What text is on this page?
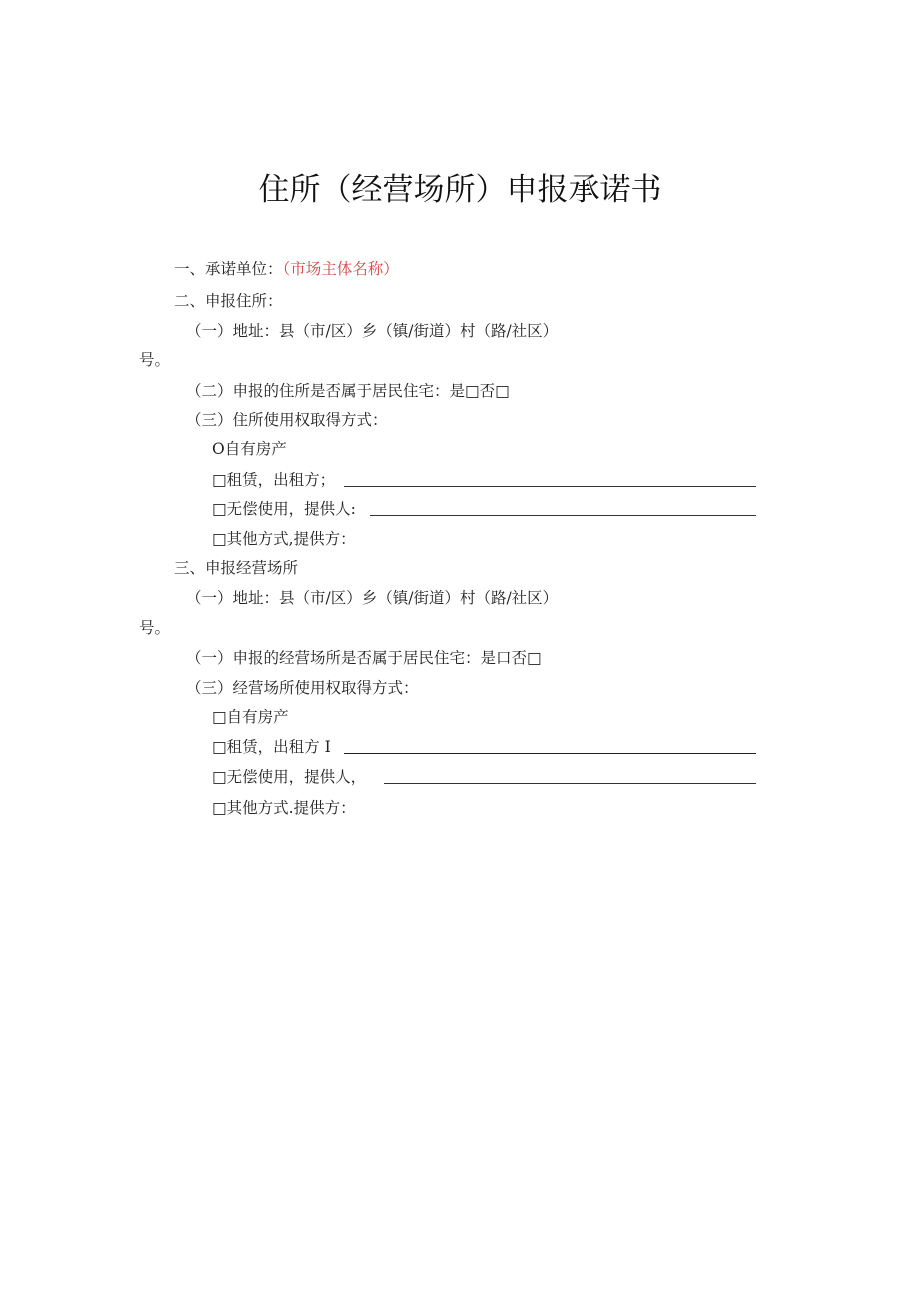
住所（经营场所）申报承诺书
一、承诺单位：（市场主体名称）
二、申报住所：
（一）地址：县（市/区）乡（镇/街道）村（路/社区）
号。
（二）申报的住所是否属于居民住宅：是□否□
（三）住所使用权取得方式：
O自有房产
□租赁，出租方；
□无偿使用，提供人:
□其他方式,提供方：
三、申报经营场所
（一）地址：县（市/区）乡（镇/街道）村（路/社区）
号。
（一）申报的经营场所是否属于居民住宅：是口否□
（三）经营场所使用权取得方式：
□自有房产
□租赁，出租方 I
□无偿使用，提供人，
□其他方式.提供方：
